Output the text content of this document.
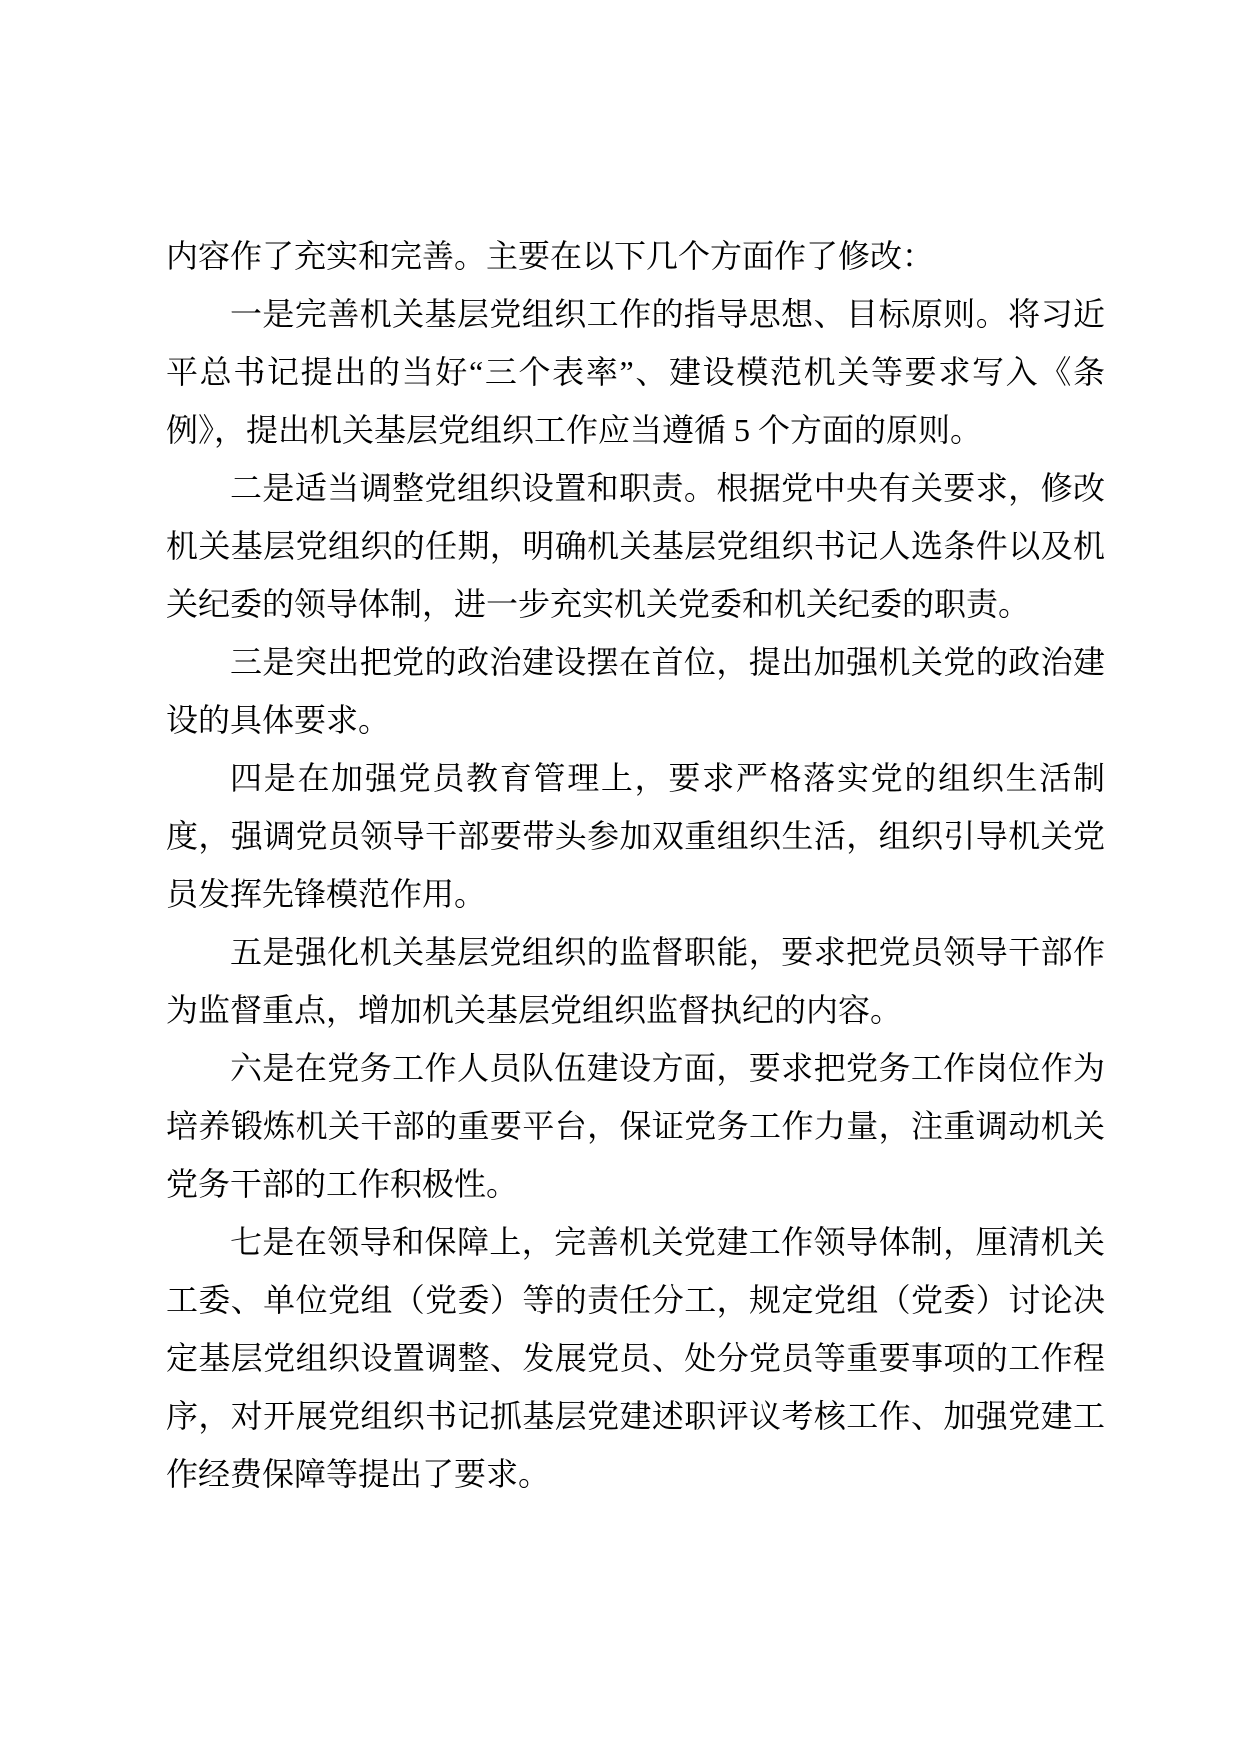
内容作了充实和完善。主要在以下几个方面作了修改：

一是完善机关基层党组织工作的指导思想、目标原则。将习近平总书记提出的当好“三个表率”、建设模范机关等要求写入《条例》，提出机关基层党组织工作应当遵循 5 个方面的原则。

二是适当调整党组织设置和职责。根据党中央有关要求，修改机关基层党组织的任期，明确机关基层党组织书记人选条件以及机关纪委的领导体制，进一步充实机关党委和机关纪委的职责。

三是突出把党的政治建设摆在首位，提出加强机关党的政治建设的具体要求。

四是在加强党员教育管理上，要求严格落实党的组织生活制度，强调党员领导干部要带头参加双重组织生活，组织引导机关党员发挥先锋模范作用。

五是强化机关基层党组织的监督职能，要求把党员领导干部作为监督重点，增加机关基层党组织监督执纪的内容。

六是在党务工作人员队伍建设方面，要求把党务工作岗位作为培养锻炼机关干部的重要平台，保证党务工作力量，注重调动机关党务干部的工作积极性。

七是在领导和保障上，完善机关党建工作领导体制，厘清机关工委、单位党组（党委）等的责任分工，规定党组（党委）讨论决定基层党组织设置调整、发展党员、处分党员等重要事项的工作程序，对开展党组织书记抓基层党建述职评议考核工作、加强党建工作经费保障等提出了要求。
